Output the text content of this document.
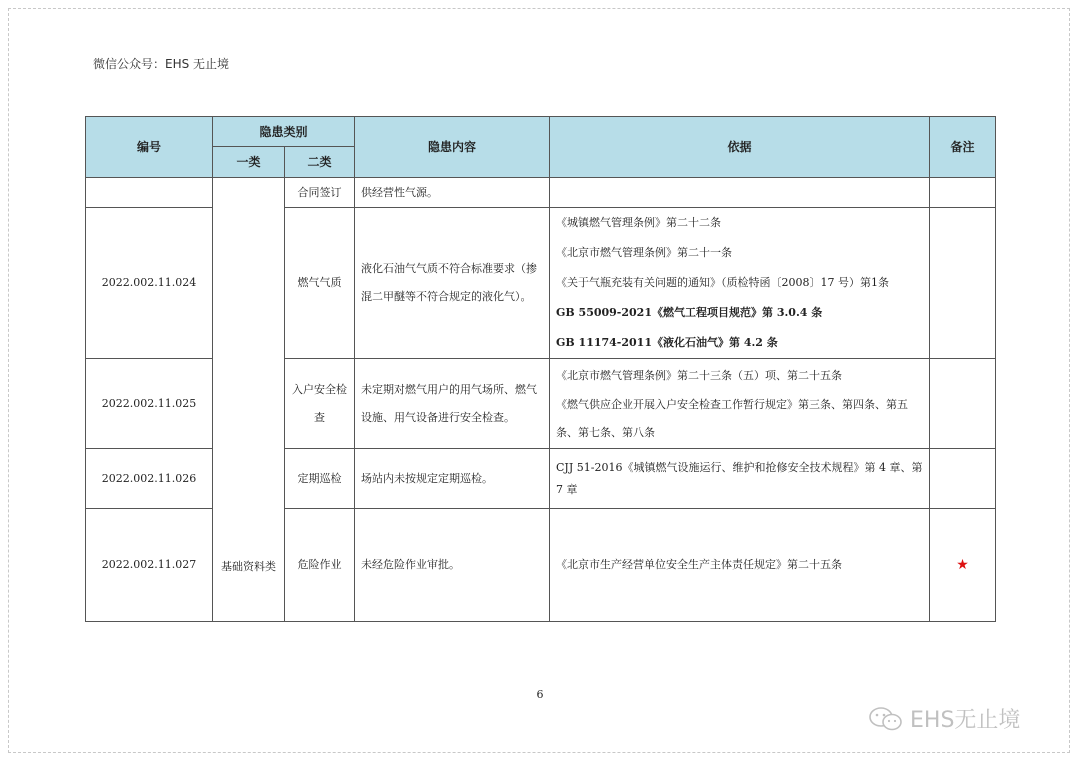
微信公众号：EHS 无止境
编号	隐患类别		隐患内容	依据	备注
	一类	二类			
	基础资料类	合同签订	供经营性气源。		
2022.002.11.024		燃气气质	液化石油气气质不符合标准要求（掺混二甲醚等不符合规定的液化气）。	《城镇燃气管理条例》第二十二条
《北京市燃气管理条例》第二十一条
《关于气瓶充装有关问题的通知》（质检特函〔2008〕17 号）第1条
GB 55009-2021《燃气工程项目规范》第 3.0.4 条
GB 11174-2011《液化石油气》第 4.2 条	

2022.002.11.025		入户安全检查	未定期对燃气用户的用气场所、燃气设施、用气设备进行安全检查。	《北京市燃气管理条例》第二十三条（五）项、第二十五条
《燃气供应企业开展入户安全检查工作暂行规定》第三条、第四条、第五条、第七条、第八条	

2022.002.11.026		定期巡检	场站内未按规定定期巡检。	CJJ 51-2016《城镇燃气设施运行、维护和抢修安全技术规程》第 4 章、第 7 章	

2022.002.11.027		危险作业	未经危险作业审批。	《北京市生产经营单位安全生产主体责任规定》第二十五条	★
6
EHS无止境
